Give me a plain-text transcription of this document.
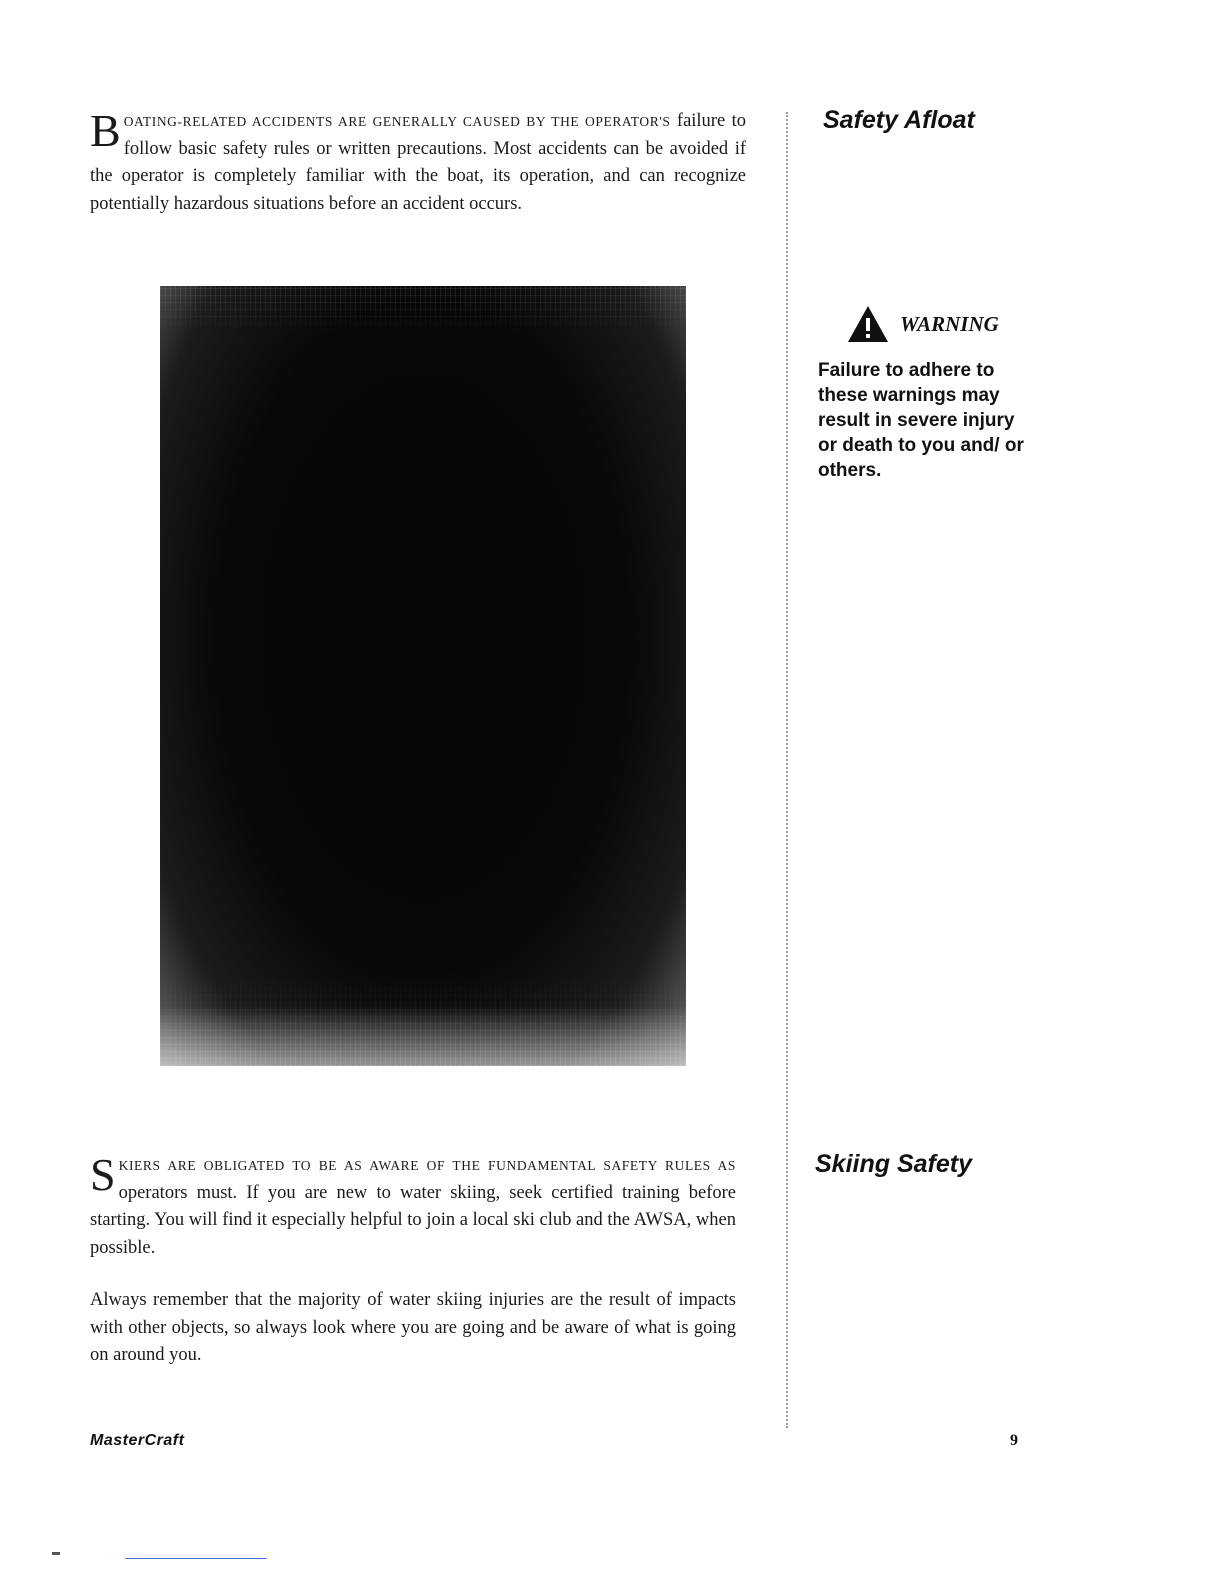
BOATING-RELATED ACCIDENTS ARE GENERALLY CAUSED BY THE OPERATOR'S failure to follow basic safety rules or written precautions. Most accidents can be avoided if the operator is completely familiar with the boat, its operation, and can recognize potentially hazardous situations before an accident occurs.

Safety Afloat
WARNING

Failure to adhere to these warnings may result in severe injury or death to you and/ or others.

SKIERS ARE OBLIGATED TO BE AS AWARE OF THE FUNDAMENTAL SAFETY RULES AS operators must. If you are new to water skiing, seek certified training before starting. You will find it especially helpful to join a local ski club and the AWSA, when possible.

Skiing Safety

Always remember that the majority of water skiing injuries are the result of impacts with other objects, so always look where you are going and be aware of what is going on around you.

MasterCraft	9
